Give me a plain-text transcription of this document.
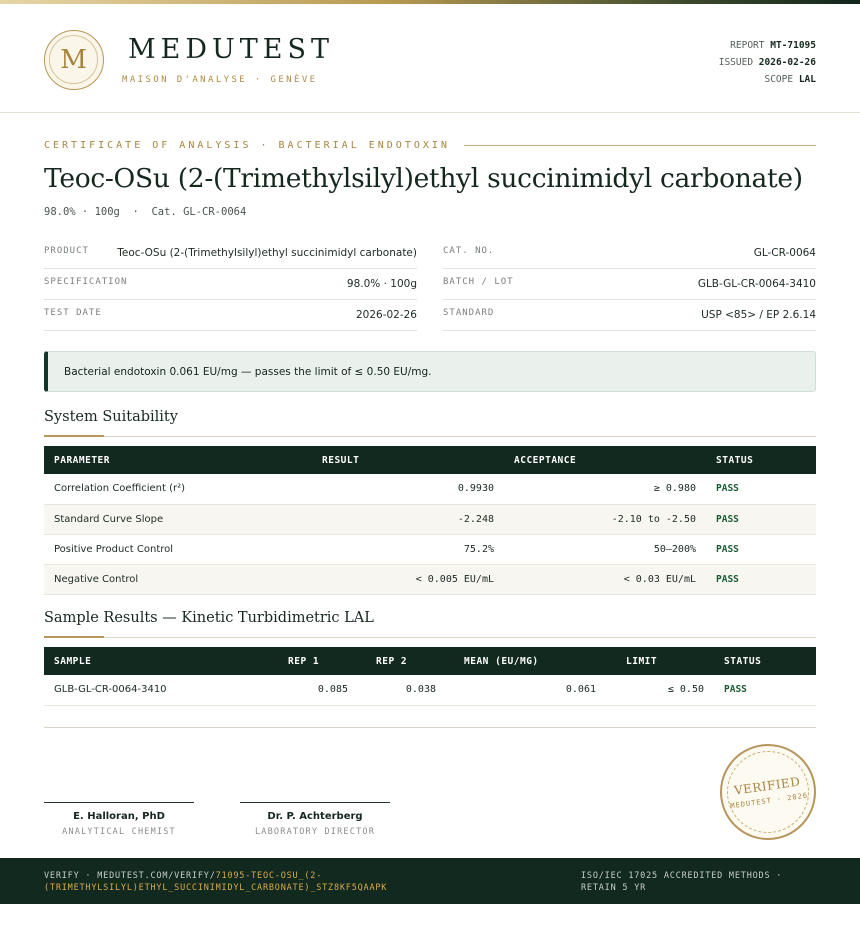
M	MEDUTEST
MAISON D'ANALYSE · GENÈVE
REPORT MT-71095
ISSUED 2026-02-26
SCOPE LAL
CERTIFICATE OF ANALYSIS · BACTERIAL ENDOTOXIN
Teoc-OSu (2-(Trimethylsilyl)ethyl succinimidyl carbonate)
98.0% · 100g  ·  Cat. GL-CR-0064
PRODUCT	Teoc-OSu (2-(Trimethylsilyl)ethyl succinimidyl carbonate)
SPECIFICATION	98.0% · 100g
TEST DATE	2026-02-26
CAT. NO.	GL-CR-0064
BATCH / LOT	GLB-GL-CR-0064-3410
STANDARD	USP <85> / EP 2.6.14
Bacterial endotoxin 0.061 EU/mg — passes the limit of ≤ 0.50 EU/mg.
System Suitability
PARAMETER	RESULT	ACCEPTANCE	STATUS
Correlation Coefficient (r²)	0.9930	≥ 0.980	PASS
Standard Curve Slope	-2.248	-2.10 to -2.50	PASS
Positive Product Control	75.2%	50–200%	PASS
Negative Control	< 0.005 EU/mL	< 0.03 EU/mL	PASS
Sample Results — Kinetic Turbidimetric LAL
SAMPLE	REP 1	REP 2	MEAN (EU/MG)	LIMIT	STATUS
GLB-GL-CR-0064-3410	0.085	0.038	0.061	≤ 0.50	PASS
E. Halloran, PhD
ANALYTICAL CHEMIST
Dr. P. Achterberg
LABORATORY DIRECTOR
VERIFIED
MEDUTEST · 2026
VERIFY · MEDUTEST.COM/VERIFY/71095-TEOC-OSU_(2-(TRIMETHYLSILYL)ETHYL_SUCCINIMIDYL_CARBONATE)_STZ8KF5QAAPK
ISO/IEC 17025 ACCREDITED METHODS · RETAIN 5 YR
